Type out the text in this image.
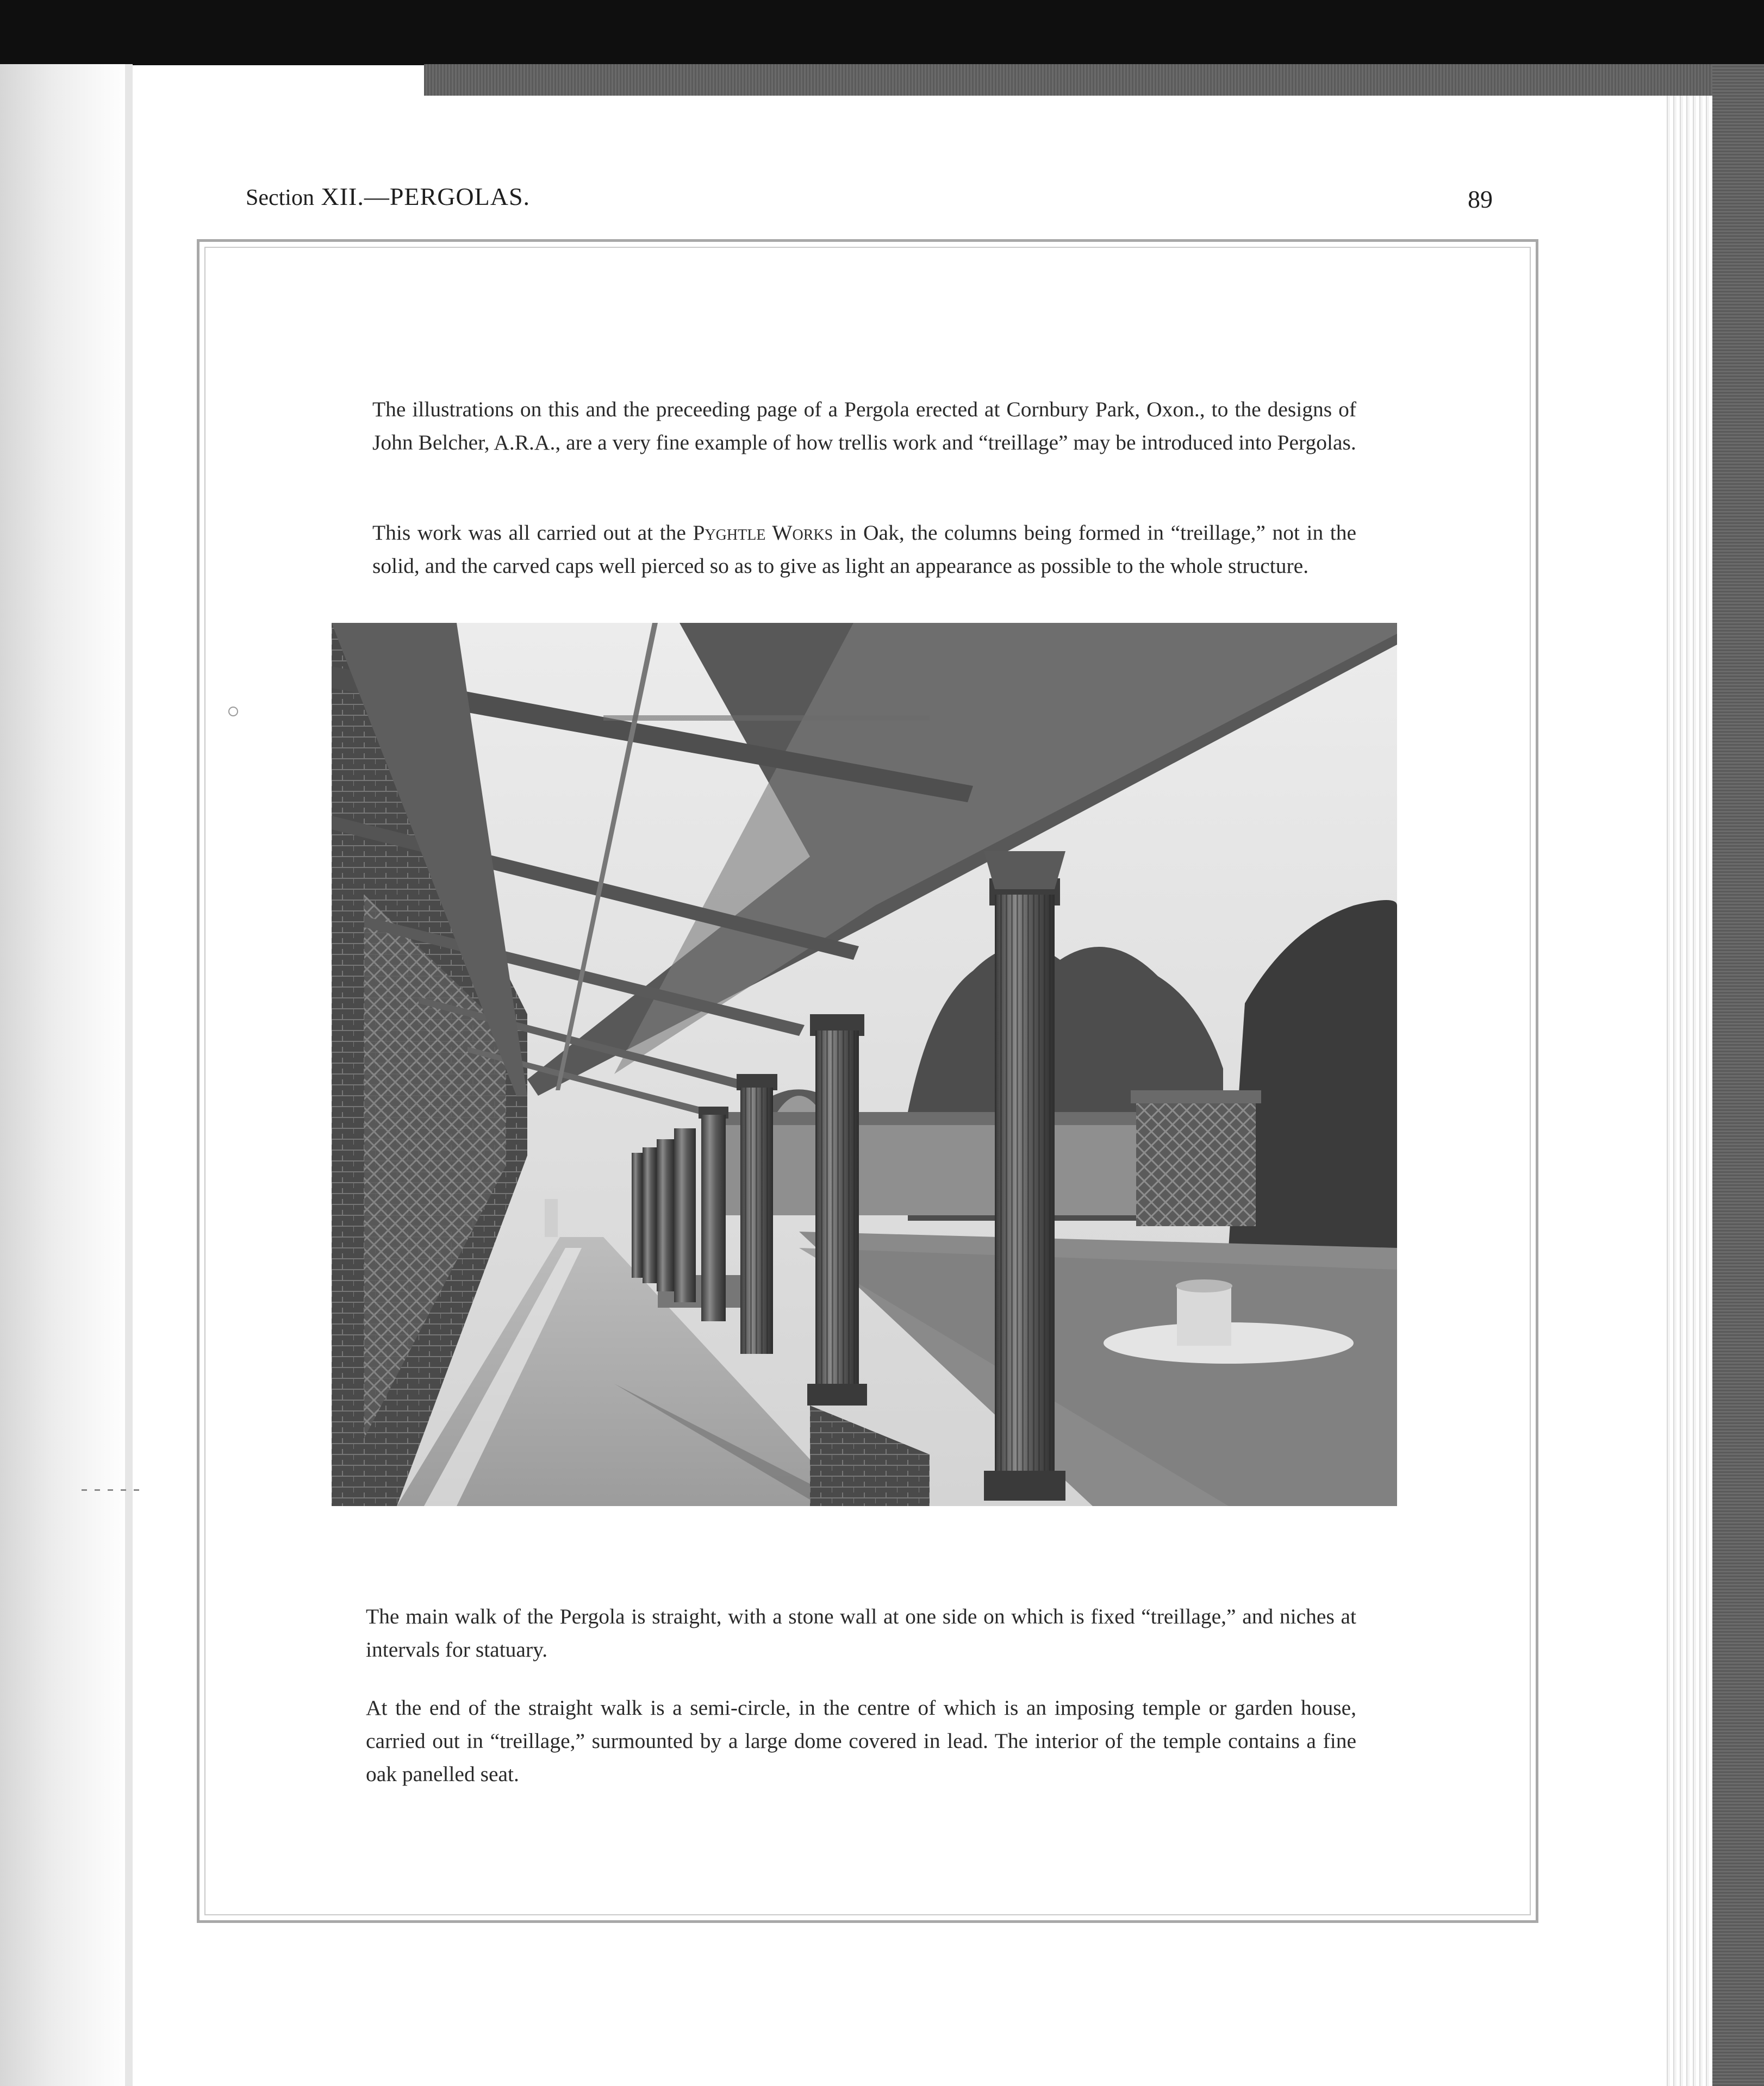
Section XII.—PERGOLAS.	89

The illustrations on this and the preceeding page of a Pergola erected at Cornbury Park, Oxon., to the designs of John Belcher, A.R.A., are a very fine example of how trellis work and “treillage” may be introduced into Pergolas.

This work was all carried out at the Pyghtle Works in Oak, the columns being formed in “treillage,” not in the solid, and the carved caps well pierced so as to give as light an appearance as possible to the whole structure.

The main walk of the Pergola is straight, with a stone wall at one side on which is fixed “treillage,” and niches at intervals for statuary.

At the end of the straight walk is a semi-circle, in the centre of which is an imposing temple or garden house, carried out in “treillage,” surmounted by a large dome covered in lead. The interior of the temple contains a fine oak panelled seat.
